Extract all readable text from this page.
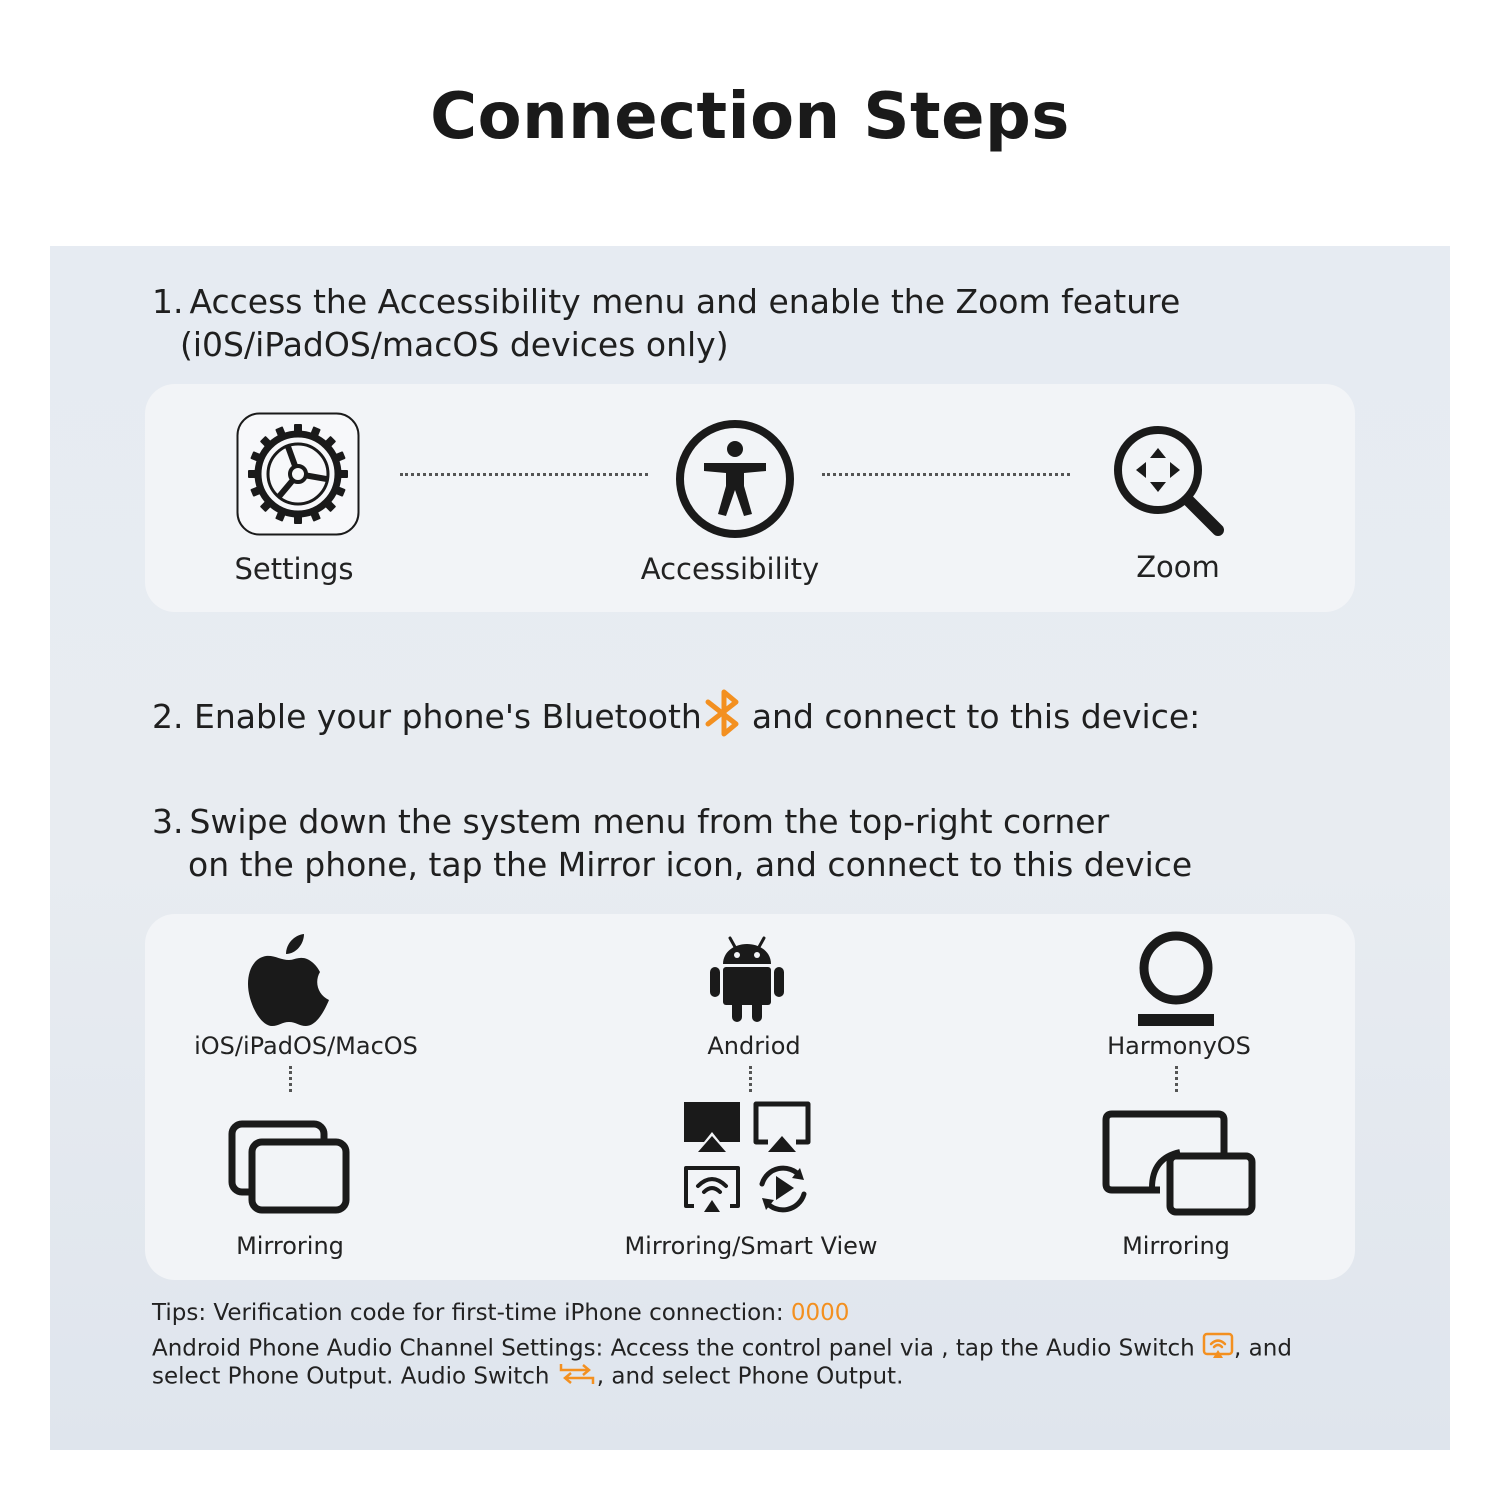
Connection Steps
1. Access the Accessibility menu and enable the Zoom feature
(i0S/iPadOS/macOS devices only)
Settings	Accessibility	Zoom
2. Enable your phone's Bluetooth and connect to this device:
3. Swipe down the system menu from the top-right corner
on the phone, tap the Mirror icon, and connect to this device
iOS/iPadOS/MacOS
Mirroring
Andriod
Mirroring/Smart View
HarmonyOS
Mirroring
Tips: Verification code for first-time iPhone connection: 0000
Android Phone Audio Channel Settings: Access the control panel via , tap the Audio Switch , and
select Phone Output. Audio Switch , and select Phone Output.
